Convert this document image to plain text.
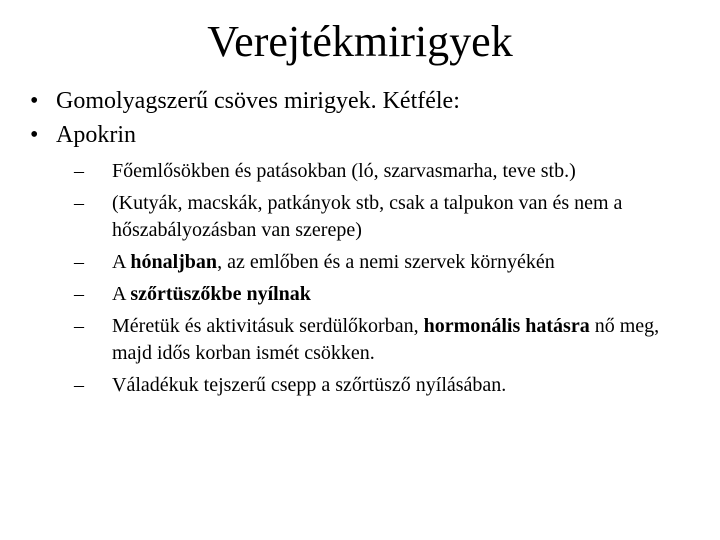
Verejtékmirigyek
• Gomolyagszerű csöves mirigyek. Kétféle:
• Apokrin
– Főemlősökben és patásokban (ló, szarvasmarha, teve stb.)
– (Kutyák, macskák, patkányok stb, csak a talpukon van és nem a hőszabályozásban van szerepe)
– A hónaljban, az emlőben és a nemi szervek környékén
– A szőrtüszőkbe nyílnak
– Méretük és aktivitásuk serdülőkorban, hormonális hatásra nő meg, majd idős korban ismét csökken.
– Váladékuk tejszerű csepp a szőrtüsző nyílásában.
